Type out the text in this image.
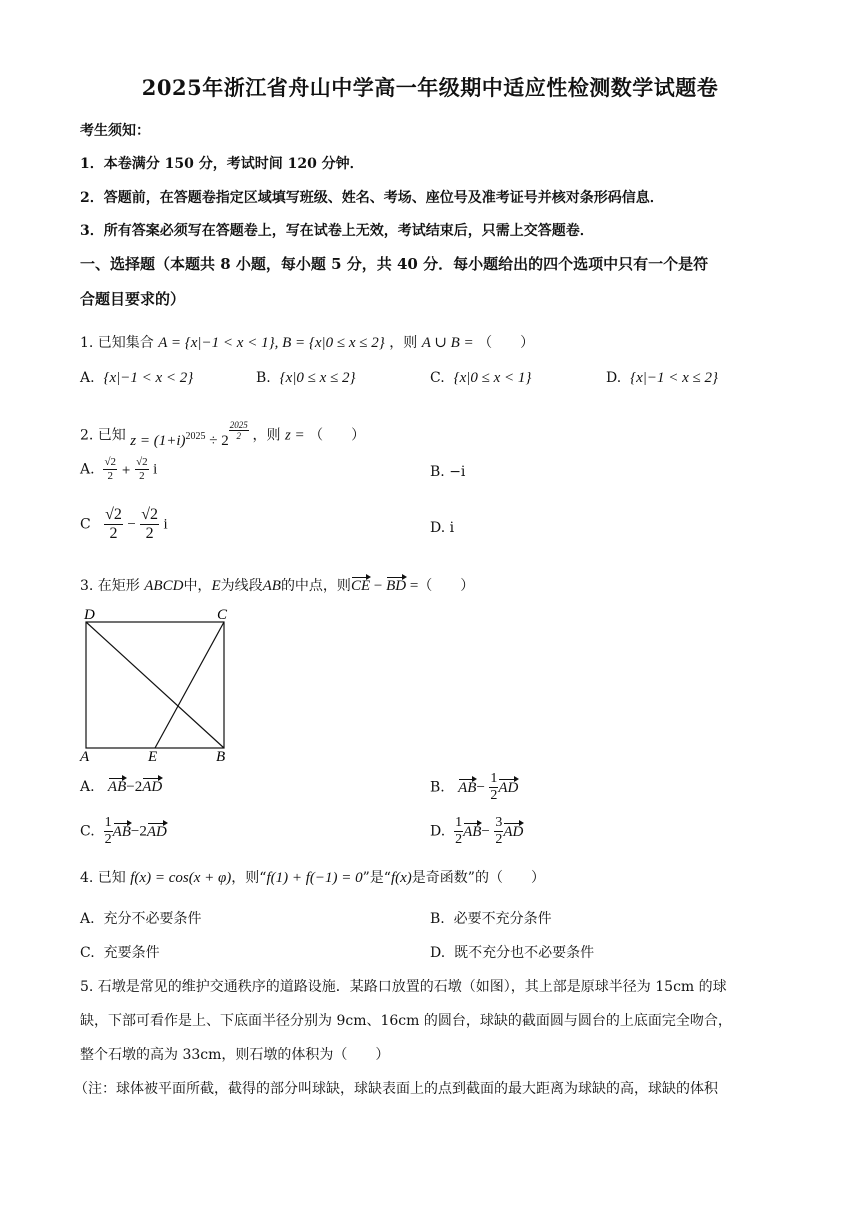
2025年浙江省舟山中学高一年级期中适应性检测数学试题卷
考生须知：
1．本卷满分 150 分，考试时间 120 分钟．
2．答题前，在答题卷指定区域填写班级、姓名、考场、座位号及准考证号并核对条形码信息．
3．所有答案必须写在答题卷上，写在试卷上无效，考试结束后，只需上交答题卷．
一、选择题（本题共 8 小题，每小题 5 分，共 40 分．每小题给出的四个选项中只有一个是符
合题目要求的）
1. 已知集合 A = {x|−1 < x < 1}, B = {x|0 ≤ x ≤ 2} ，则 A ∪ B = （　　）
A. {x|−1 < x < 2}	B. {x|0 ≤ x ≤ 2}	C. {x|0 ≤ x < 1}	D. {x|−1 < x ≤ 2}
2. 已知 $z = (1+i)^{2025} \div 2$
$^{\frac{2025}{2}}$ ，则 z = （　　）
A. $\frac{√2}{2} + \frac{√2}{2}$ i	B. −i
C $\frac{√2}{2} - \frac{√2}{2}$ i	D. i
3. 在矩形 ABCD中，E为线段AB的中点，则CE − BD =（　　）
D	C
A	E	B
A. AB−2AD	B. $AB- \frac{1}{2}$ AD
C. $\frac{1}{2} AB-2AD$	D. $\frac{1}{2} AB- \frac{3}{2}$ AD
4. 已知 f(x) = cos(x + φ)，则“f(1) + f(−1) = 0”是“f(x)是奇函数”的（　　）
A. 充分不必要条件	B. 必要不充分条件
C. 充要条件	D. 既不充分也不必要条件
5. 石墩是常见的维护交通秩序的道路设施．某路口放置的石墩（如图），其上部是原球半径为 15cm 的球
缺，下部可看作是上、下底面半径分别为 9cm、16cm 的圆台，球缺的截面圆与圆台的上底面完全吻合，
整个石墩的高为 33cm，则石墩的体积为（　　）
（注：球体被平面所截，截得的部分叫球缺，球缺表面上的点到截面的最大距离为球缺的高，球缺的体积
